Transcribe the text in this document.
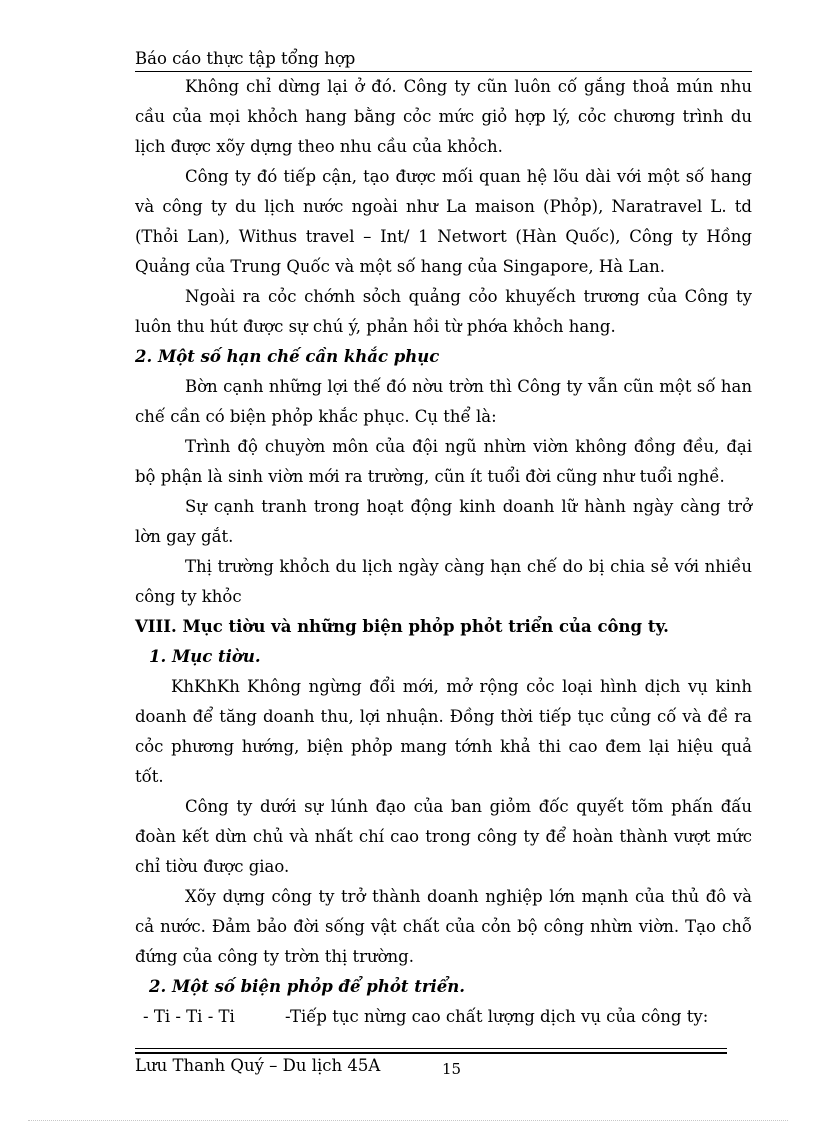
Báo cáo thực tập tổng hợp

Không chỉ dừng lại ở đó. Công ty cũn luôn cố gắng thoả mún nhu cầu của mọi khỏch hang bằng cỏc mức giỏ hợp lý, cỏc chương trình du lịch được xõy dựng theo nhu cầu của khỏch.

Công ty đó tiếp cận, tạo được mối quan hệ lõu dài với một số hang và công ty du lịch nước ngoài như La maison (Phỏp), Naratravel L. td (Thỏi Lan), Withus travel – Int/ 1 Networt (Hàn Quốc), Công ty Hồng Quảng của Trung Quốc và một số hang của Singapore, Hà Lan.

Ngoài ra cỏc chớnh sỏch quảng cỏo khuyếch trương của Công ty luôn thu hút được sự chú ý, phản hồi từ phớa khỏch hang.

2. Một số hạn chế cần khắc phục

Bờn cạnh những lợi thế đó nờu trờn thì Công ty vẫn cũn một số han chế cần có biện phỏp khắc phục. Cụ thể là:

Trình độ chuyờn môn của đội ngũ nhừn viờn không đồng đều, đại bộ phận là sinh viờn mới ra trường, cũn ít tuổi đời cũng như tuổi nghề.

Sự cạnh tranh trong hoạt động kinh doanh lữ hành ngày càng trở lờn gay gắt.

Thị trường khỏch du lịch ngày càng hạn chế do bị chia sẻ với nhiều công ty khỏc

VIII. Mục tiờu và những biện phỏp phỏt triển của công ty.

1. Mục tiờu.

KhKhKh Không ngừng đổi mới, mở rộng cỏc loại hình dịch vụ kinh doanh để tăng doanh thu, lợi nhuận. Đồng thời tiếp tục củng cố và đề ra cỏc phương hướng, biện phỏp mang tớnh khả thi cao đem lại hiệu quả tốt.

Công ty dưới sự lúnh đạo của ban giỏm đốc quyết tõm phấn đấu đoàn kết dừn chủ và nhất chí cao trong công ty để hoàn thành vượt mức chỉ tiờu được giao.

Xõy dựng công ty trở thành doanh nghiệp lớn mạnh của thủ đô và cả nước. Đảm bảo đời sống vật chất của cỏn bộ công nhừn viờn. Tạo chỗ đứng của công ty trờn thị trường.

2. Một số biện phỏp để phỏt triển.

- Ti - Ti - Ti	-Tiếp tục nừng cao chất lượng dịch vụ của công ty:

Lưu Thanh Quý – Du lịch 45A	15
